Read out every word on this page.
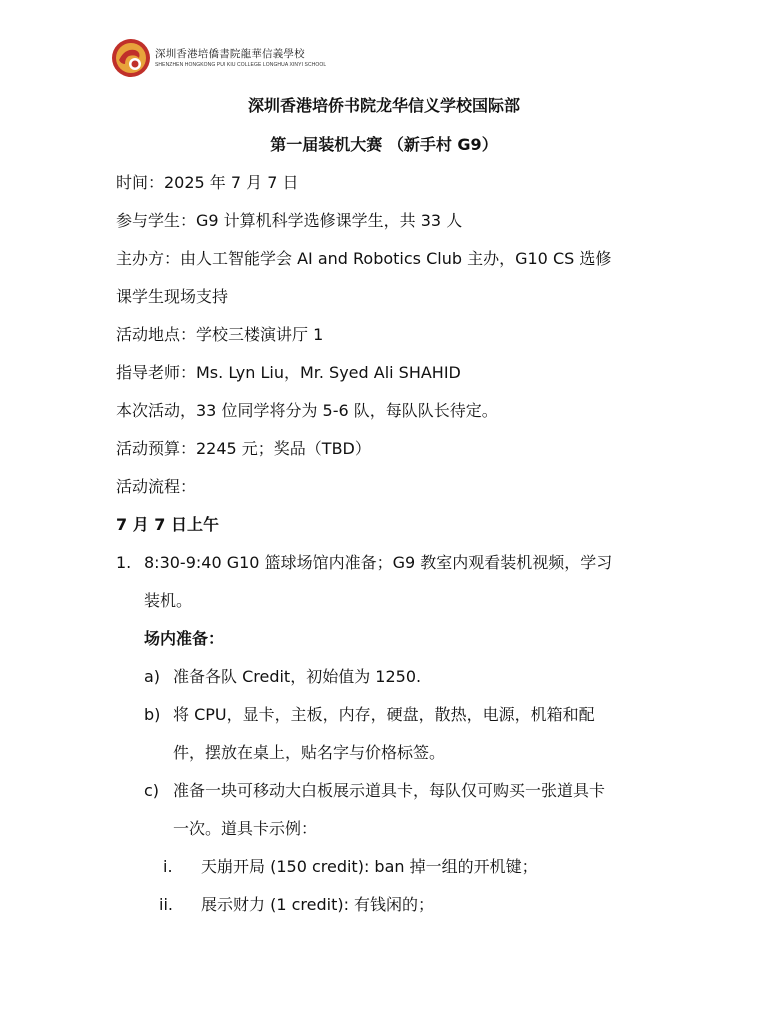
深圳香港培僑書院龍華信義學校
SHENZHEN HONGKONG PUI KIU COLLEGE LONGHUA XINYI SCHOOL
深圳香港培侨书院龙华信义学校国际部
第一届装机大赛 （新手村 G9）
时间：2025 年 7 月 7 日
参与学生：G9 计算机科学选修课学生，共 33 人
主办方：由人工智能学会 AI and Robotics Club 主办，G10 CS 选修
课学生现场支持
活动地点：学校三楼演讲厅 1
指导老师：Ms. Lyn Liu，Mr. Syed Ali SHAHID
本次活动，33 位同学将分为 5-6 队，每队队长待定。
活动预算：2245 元；奖品（TBD）
活动流程：
7 月 7 日上午
1. 8:30-9:40 G10 篮球场馆内准备；G9 教室内观看装机视频，学习
装机。
场内准备：
a) 准备各队 Credit，初始值为 1250.
b) 将 CPU，显卡，主板，内存，硬盘，散热，电源，机箱和配
件，摆放在桌上，贴名字与价格标签。
c) 准备一块可移动大白板展示道具卡，每队仅可购买一张道具卡
一次。道具卡示例：
i. 天崩开局 (150 credit): ban 掉一组的开机键；
ii. 展示财力 (1 credit): 有钱闲的；
